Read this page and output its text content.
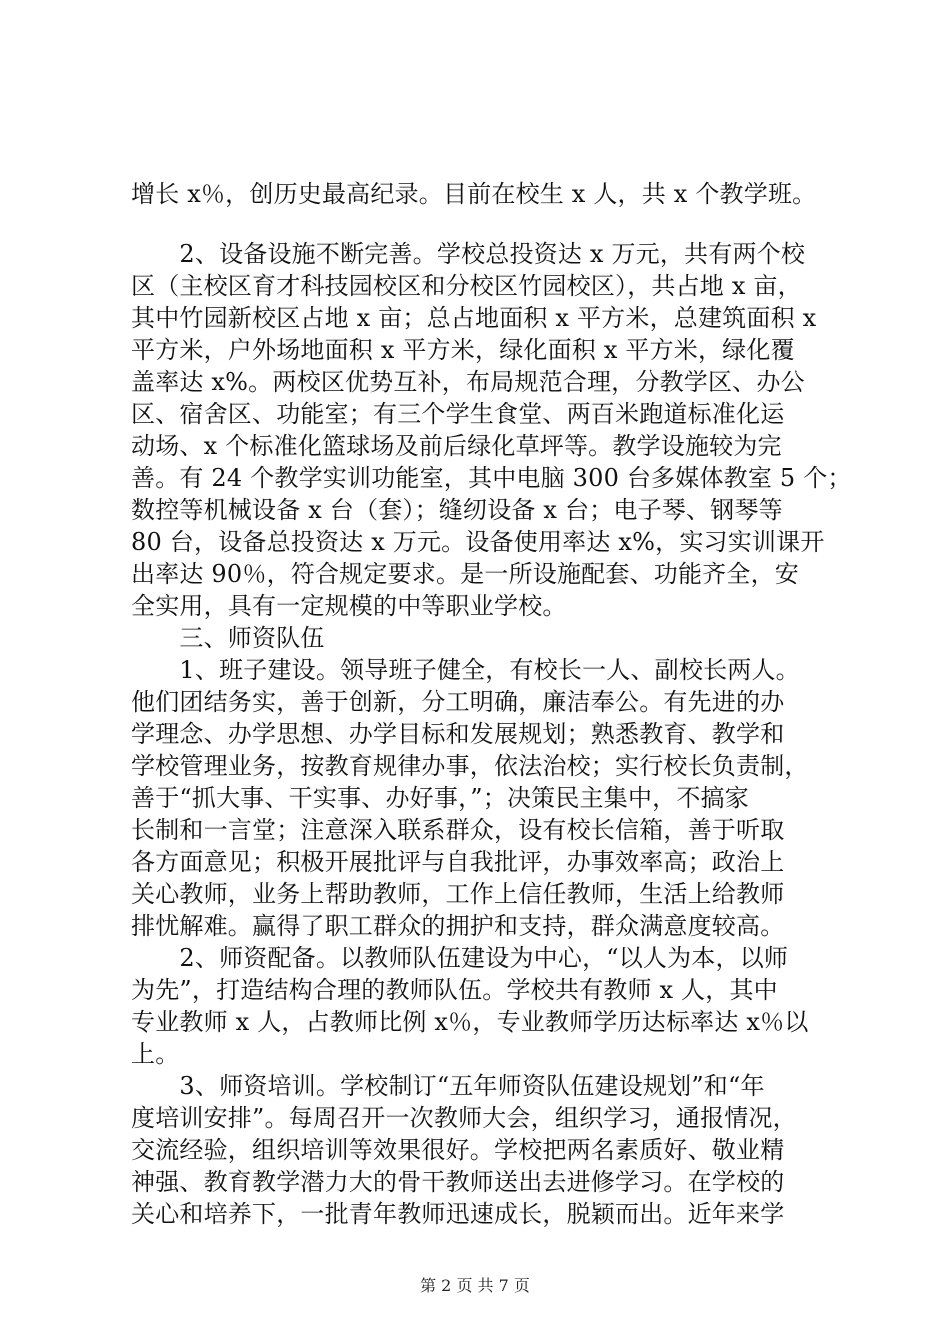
增长 x％，创历史最高纪录。目前在校生 x 人，共 x 个教学班。
　　2、设备设施不断完善。学校总投资达 x 万元，共有两个校
区（主校区育才科技园校区和分校区竹园校区），共占地 x 亩，
其中竹园新校区占地 x 亩；总占地面积 x 平方米，总建筑面积 x
平方米，户外场地面积 x 平方米，绿化面积 x 平方米，绿化覆
盖率达 x%。两校区优势互补，布局规范合理，分教学区、办公
区、宿舍区、功能室；有三个学生食堂、两百米跑道标准化运
动场、x 个标准化篮球场及前后绿化草坪等。教学设施较为完
善。有 24 个教学实训功能室，其中电脑 300 台多媒体教室 5 个；
数控等机械设备 x 台（套）；缝纫设备 x 台；电子琴、钢琴等
80 台，设备总投资达 x 万元。设备使用率达 x%，实习实训课开
出率达 90％，符合规定要求。是一所设施配套、功能齐全，安
全实用，具有一定规模的中等职业学校。
　　三、师资队伍
　　1、班子建设。领导班子健全，有校长一人、副校长两人。
他们团结务实，善于创新，分工明确，廉洁奉公。有先进的办
学理念、办学思想、办学目标和发展规划；熟悉教育、教学和
学校管理业务，按教育规律办事，依法治校；实行校长负责制，
善于“抓大事、干实事、办好事，”；决策民主集中，不搞家
长制和一言堂；注意深入联系群众，设有校长信箱，善于听取
各方面意见；积极开展批评与自我批评，办事效率高；政治上
关心教师，业务上帮助教师，工作上信任教师，生活上给教师
排忧解难。赢得了职工群众的拥护和支持，群众满意度较高。
　　2、师资配备。以教师队伍建设为中心，“以人为本，以师
为先”，打造结构合理的教师队伍。学校共有教师 x 人，其中
专业教师 x 人，占教师比例 x％，专业教师学历达标率达 x％以
上。
　　3、师资培训。学校制订“五年师资队伍建设规划”和“年
度培训安排”。每周召开一次教师大会，组织学习，通报情况，
交流经验，组织培训等效果很好。学校把两名素质好、敬业精
神强、教育教学潜力大的骨干教师送出去进修学习。在学校的
关心和培养下，一批青年教师迅速成长，脱颖而出。近年来学
第 2 页 共 7 页
